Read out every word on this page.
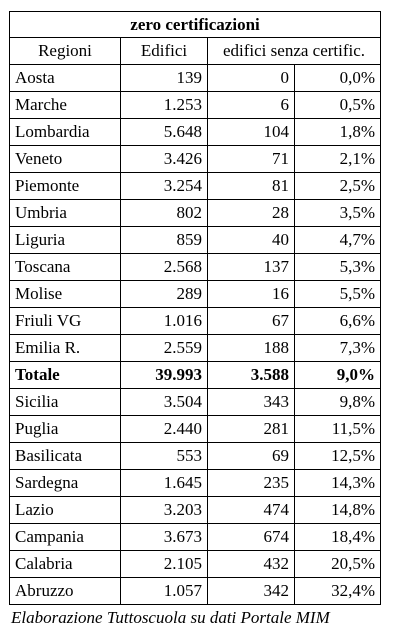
zero certificazioni			
Regioni	Edifici	edifici senza certific.	
Aosta	139	0	0,0%
Marche	1.253	6	0,5%
Lombardia	5.648	104	1,8%
Veneto	3.426	71	2,1%
Piemonte	3.254	81	2,5%
Umbria	802	28	3,5%
Liguria	859	40	4,7%
Toscana	2.568	137	5,3%
Molise	289	16	5,5%
Friuli VG	1.016	67	6,6%
Emilia R.	2.559	188	7,3%
Totale	39.993	3.588	9,0%
Sicilia	3.504	343	9,8%
Puglia	2.440	281	11,5%
Basilicata	553	69	12,5%
Sardegna	1.645	235	14,3%
Lazio	3.203	474	14,8%
Campania	3.673	674	18,4%
Calabria	2.105	432	20,5%
Abruzzo	1.057	342	32,4%
Elaborazione Tuttoscuola su dati Portale MIM
